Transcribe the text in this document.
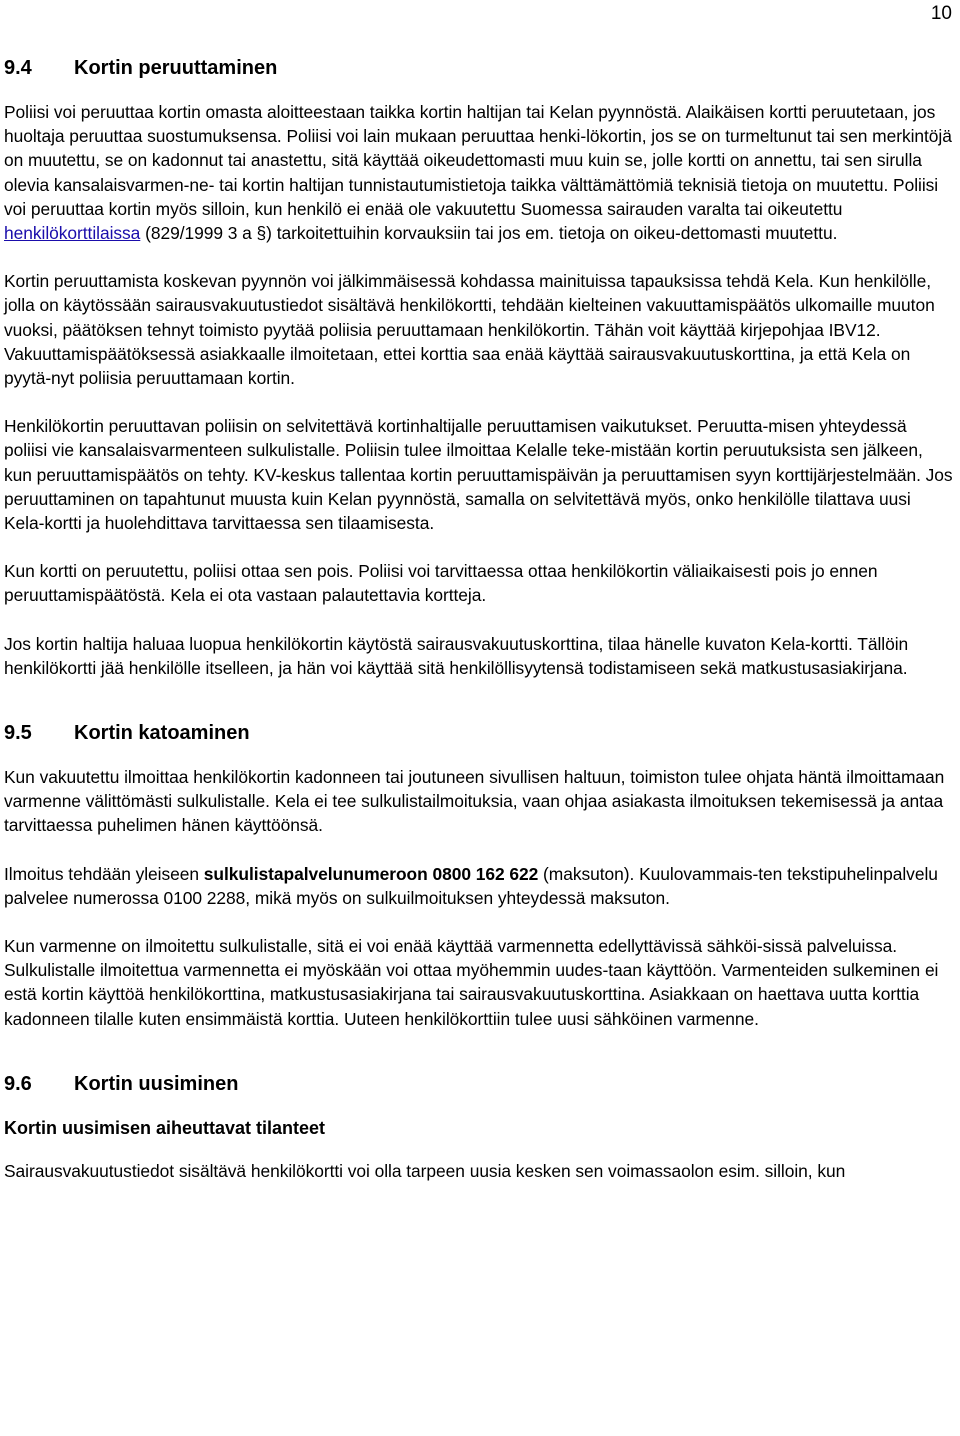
10
9.4 Kortin peruuttaminen

Poliisi voi peruuttaa kortin omasta aloitteestaan taikka kortin haltijan tai Kelan pyynnöstä. Alaikäisen kortti peruutetaan, jos huoltaja peruuttaa suostumuksensa. Poliisi voi lain mukaan peruuttaa henki-lökortin, jos se on turmeltunut tai sen merkintöjä on muutettu, se on kadonnut tai anastettu, sitä käyttää oikeudettomasti muu kuin se, jolle kortti on annettu, tai sen sirulla olevia kansalaisvarmen-ne- tai kortin haltijan tunnistautumistietoja taikka välttämättömiä teknisiä tietoja on muutettu. Poliisi voi peruuttaa kortin myös silloin, kun henkilö ei enää ole vakuutettu Suomessa sairauden varalta tai oikeutettu henkilökorttilaissa (829/1999 3 a §) tarkoitettuihin korvauksiin tai jos em. tietoja on oikeu-dettomasti muutettu.

Kortin peruuttamista koskevan pyynnön voi jälkimmäisessä kohdassa mainituissa tapauksissa tehdä Kela. Kun henkilölle, jolla on käytössään sairausvakuutustiedot sisältävä henkilökortti, tehdään kielteinen vakuuttamispäätös ulkomaille muuton vuoksi, päätöksen tehnyt toimisto pyytää poliisia peruuttamaan henkilökortin. Tähän voit käyttää kirjepohjaa IBV12. Vakuuttamispäätöksessä asiakkaalle ilmoitetaan, ettei korttia saa enää käyttää sairausvakuutuskorttina, ja että Kela on pyytä-nyt poliisia peruuttamaan kortin.

Henkilökortin peruuttavan poliisin on selvitettävä kortinhaltijalle peruuttamisen vaikutukset. Peruutta-misen yhteydessä poliisi vie kansalaisvarmenteen sulkulistalle. Poliisin tulee ilmoittaa Kelalle teke-mistään kortin peruutuksista sen jälkeen, kun peruuttamispäätös on tehty. KV-keskus tallentaa kortin peruuttamispäivän ja peruuttamisen syyn korttijärjestelmään. Jos peruuttaminen on tapahtunut muusta kuin Kelan pyynnöstä, samalla on selvitettävä myös, onko henkilölle tilattava uusi Kela-kortti ja huolehdittava tarvittaessa sen tilaamisesta.

Kun kortti on peruutettu, poliisi ottaa sen pois. Poliisi voi tarvittaessa ottaa henkilökortin väliaikaisesti pois jo ennen peruuttamispäätöstä. Kela ei ota vastaan palautettavia kortteja.

Jos kortin haltija haluaa luopua henkilökortin käytöstä sairausvakuutuskorttina, tilaa hänelle kuvaton Kela-kortti. Tällöin henkilökortti jää henkilölle itselleen, ja hän voi käyttää sitä henkilöllisyytensä todistamiseen sekä matkustusasiakirjana.

9.5 Kortin katoaminen

Kun vakuutettu ilmoittaa henkilökortin kadonneen tai joutuneen sivullisen haltuun, toimiston tulee ohjata häntä ilmoittamaan varmenne välittömästi sulkulistalle. Kela ei tee sulkulistailmoituksia, vaan ohjaa asiakasta ilmoituksen tekemisessä ja antaa tarvittaessa puhelimen hänen käyttöönsä.

Ilmoitus tehdään yleiseen sulkulistapalvelunumeroon 0800 162 622 (maksuton). Kuulovammais-ten tekstipuhelinpalvelu palvelee numerossa 0100 2288, mikä myös on sulkuilmoituksen yhteydessä maksuton.

Kun varmenne on ilmoitettu sulkulistalle, sitä ei voi enää käyttää varmennetta edellyttävissä sähköi-sissä palveluissa. Sulkulistalle ilmoitettua varmennetta ei myöskään voi ottaa myöhemmin uudes-taan käyttöön. Varmenteiden sulkeminen ei estä kortin käyttöä henkilökorttina, matkustusasiakirjana tai sairausvakuutuskorttina. Asiakkaan on haettava uutta korttia kadonneen tilalle kuten ensimmäistä korttia. Uuteen henkilökorttiin tulee uusi sähköinen varmenne.

9.6 Kortin uusiminen
Kortin uusimisen aiheuttavat tilanteet

Sairausvakuutustiedot sisältävä henkilökortti voi olla tarpeen uusia kesken sen voimassaolon esim. silloin, kun
